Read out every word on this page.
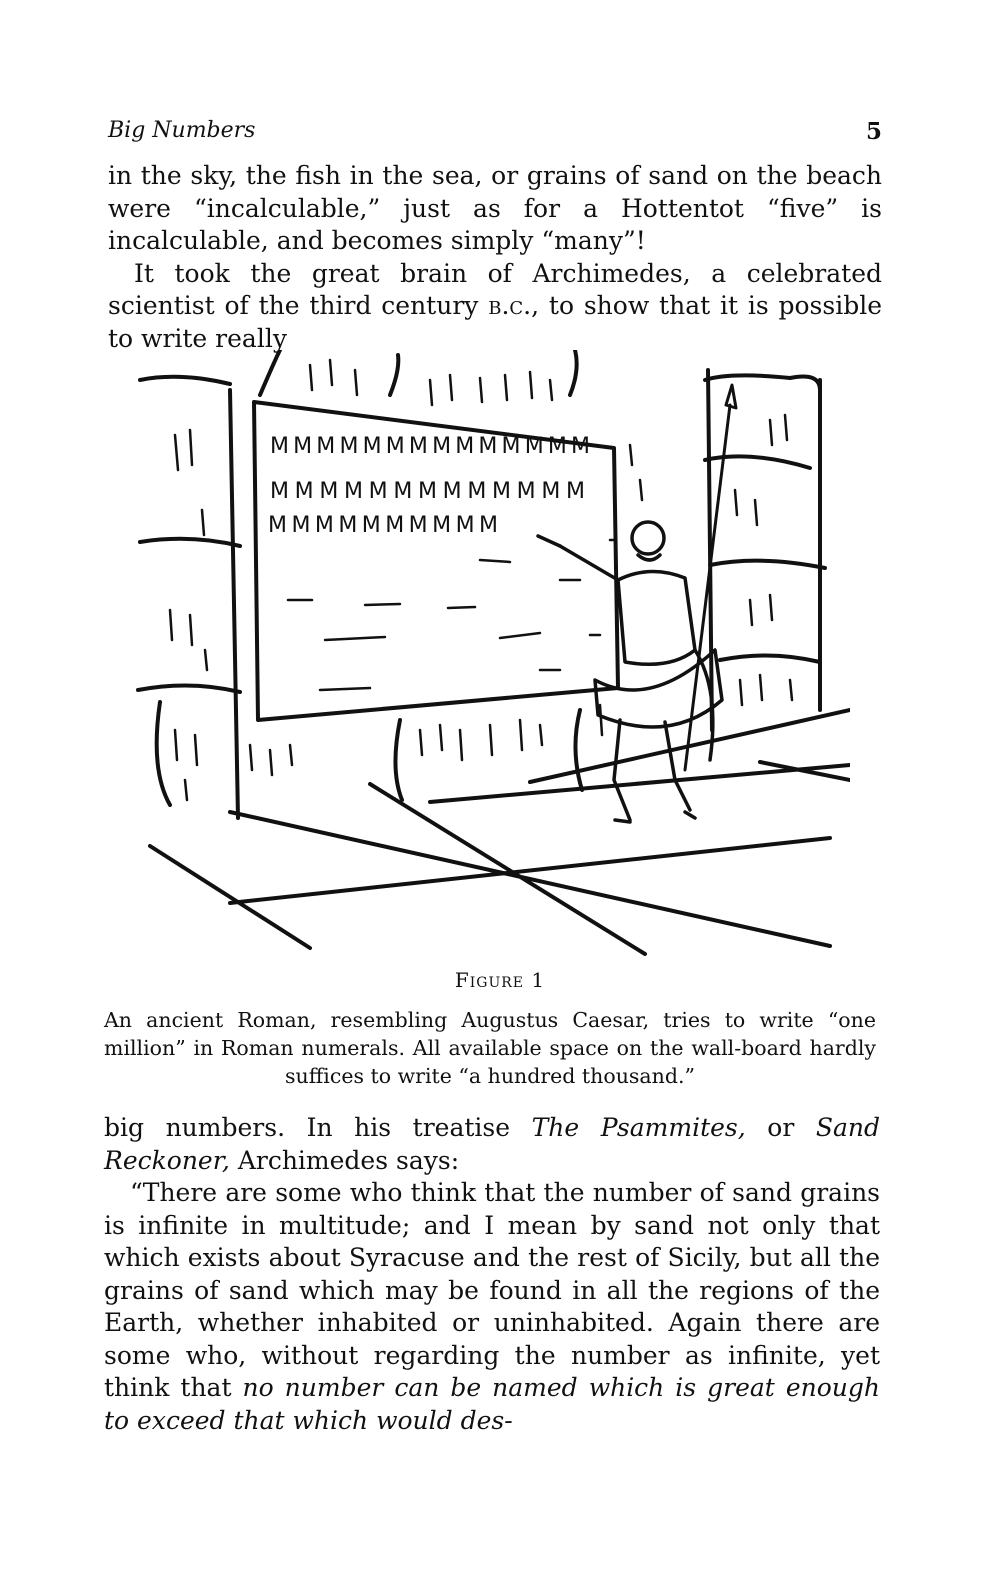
Big Numbers	5

in the sky, the fish in the sea, or grains of sand on the beach were “incalculable,” just as for a Hottentot “five” is incalculable, and becomes simply “many”!

It took the great brain of Archimedes, a celebrated scientist of the third century b.c., to show that it is possible to write really

MMMMMMMMMMMMMM
MMMMMMMMMMMMM
MMMMMMMMMM
Figure 1

An ancient Roman, resembling Augustus Caesar, tries to write “one million” in Roman numerals. All available space on the wall-board hardly suffices to write “a hundred thousand.”

big numbers. In his treatise The Psammites, or Sand Reckoner, Archimedes says:

“There are some who think that the number of sand grains is infinite in multitude; and I mean by sand not only that which exists about Syracuse and the rest of Sicily, but all the grains of sand which may be found in all the regions of the Earth, whether inhabited or uninhabited. Again there are some who, without regarding the number as infinite, yet think that no number can be named which is great enough to exceed that which would des-
